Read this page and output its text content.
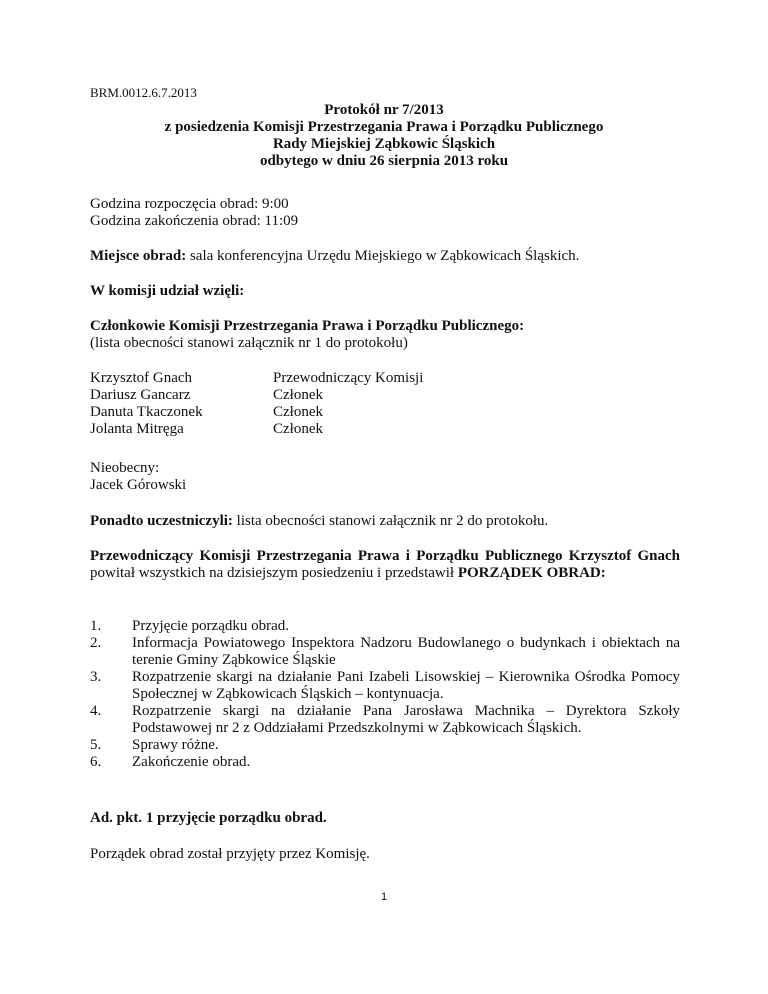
BRM.0012.6.7.2013
Protokół nr 7/2013
z posiedzenia Komisji Przestrzegania Prawa i Porządku Publicznego
Rady Miejskiej Ząbkowic Śląskich
odbytego w dniu 26 sierpnia 2013 roku
Godzina rozpoczęcia obrad: 9:00
Godzina zakończenia obrad: 11:09
Miejsce obrad: sala konferencyjna Urzędu Miejskiego w Ząbkowicach Śląskich.
W komisji udział wzięli:
Członkowie Komisji Przestrzegania Prawa i Porządku Publicznego:
(lista obecności stanowi załącznik nr 1 do protokołu)
Krzysztof Gnach	Przewodniczący Komisji
Dariusz Gancarz	Członek
Danuta Tkaczonek	Członek
Jolanta Mitręga	Członek
Nieobecny:
Jacek Górowski
Ponadto uczestniczyli: lista obecności stanowi załącznik nr 2 do protokołu.
Przewodniczący Komisji Przestrzegania Prawa i Porządku Publicznego Krzysztof Gnach powitał wszystkich na dzisiejszym posiedzeniu i przedstawił PORZĄDEK OBRAD:
1.	Przyjęcie porządku obrad.
2.	Informacja Powiatowego Inspektora Nadzoru Budowlanego o budynkach i obiektach na terenie Gminy Ząbkowice Śląskie
3.	Rozpatrzenie skargi na działanie Pani Izabeli Lisowskiej – Kierownika Ośrodka Pomocy Społecznej w Ząbkowicach Śląskich – kontynuacja.
4.	Rozpatrzenie skargi na działanie Pana Jarosława Machnika – Dyrektora Szkoły Podstawowej nr 2 z Oddziałami Przedszkolnymi w Ząbkowicach Śląskich.
5.	Sprawy różne.
6.	Zakończenie obrad.
Ad. pkt. 1 przyjęcie porządku obrad.
Porządek obrad został przyjęty przez Komisję.
1
